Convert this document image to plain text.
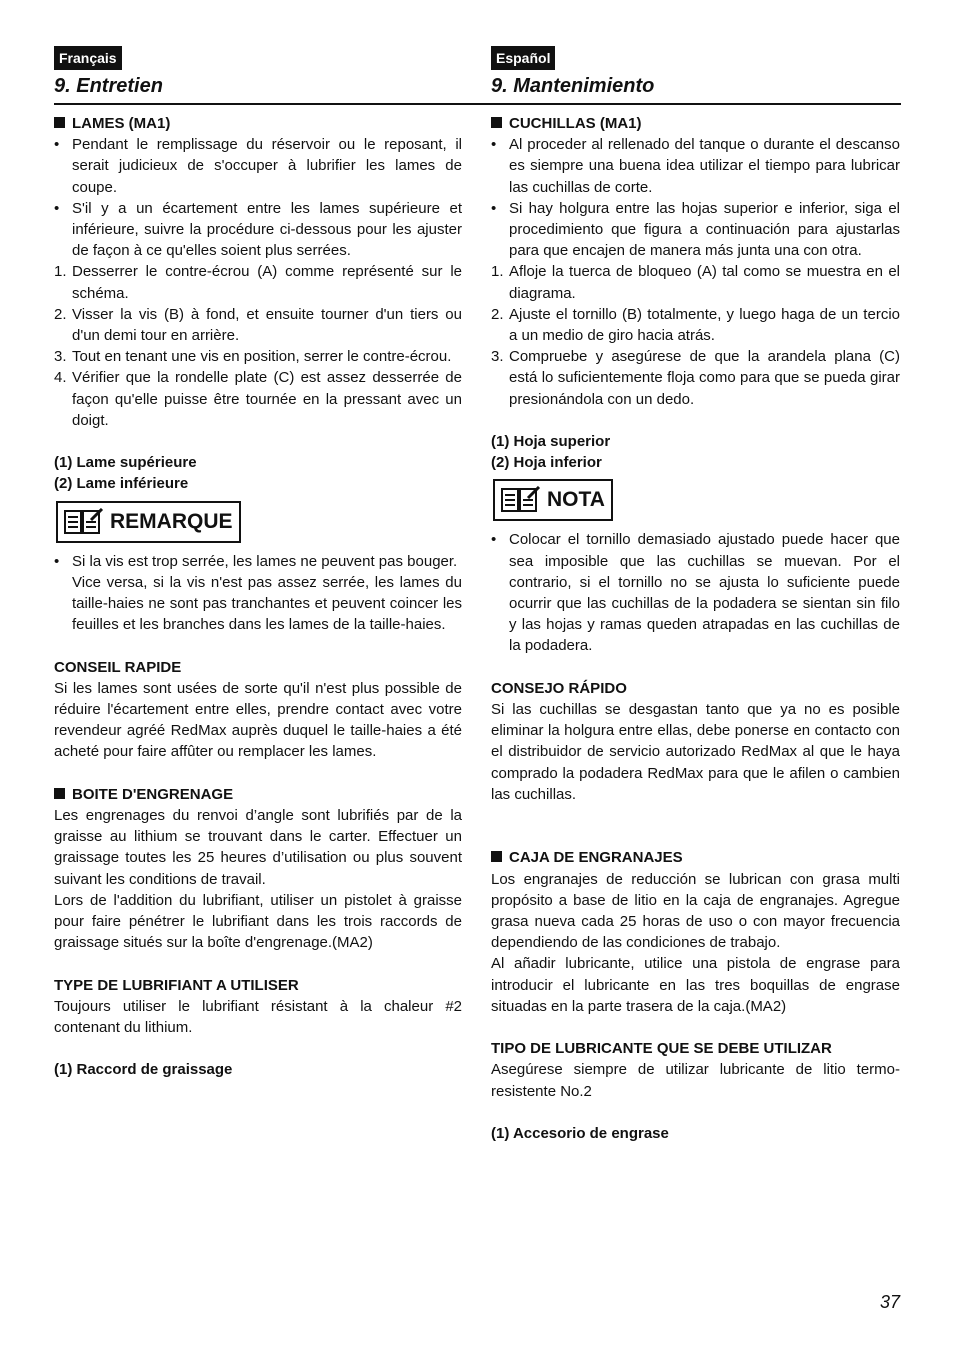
Français
9. Entretien
Español
9. Mantenimiento
LAMES (MA1)
• Pendant le remplissage du réservoir ou le reposant, il serait judicieux de s'occuper à lubrifier les lames de coupe.
• S'il y a un écartement entre les lames supérieure et inférieure, suivre la procédure ci-dessous pour les ajuster de façon à ce qu'elles soient plus serrées.
1. Desserrer le contre-écrou (A) comme représenté sur le schéma.
2. Visser la vis (B) à fond, et ensuite tourner d'un tiers ou d'un demi tour en arrière.
3. Tout en tenant une vis en position, serrer le contre-écrou.
4. Vérifier que la rondelle plate (C) est assez desserrée de façon qu'elle puisse être tournée en la pressant avec un doigt.
(1) Lame supérieure
(2) Lame inférieure
REMARQUE
• Si la vis est trop serrée, les lames ne peuvent pas bouger.
Vice versa, si la vis n'est pas assez serrée, les lames du taille-haies ne sont pas tranchantes et peuvent coincer les feuilles et les branches dans les lames de la taille-haies.
CONSEIL RAPIDE
Si les lames sont usées de sorte qu'il n'est plus possible de réduire l'écartement entre elles, prendre contact avec votre revendeur agréé RedMax auprès duquel le taille-haies a été acheté pour faire affûter ou remplacer les lames.
BOITE D'ENGRENAGE
Les engrenages du renvoi d’angle sont lubrifiés par de la graisse au lithium se trouvant dans le carter. Effectuer un graissage toutes les 25 heures d’utilisation ou plus souvent suivant les conditions de travail.
Lors de l'addition du lubrifiant, utiliser un pistolet à graisse pour faire pénétrer le lubrifiant dans les trois raccords de graissage situés sur la boîte d'engrenage.(MA2)
TYPE DE LUBRIFIANT A UTILISER
Toujours utiliser le lubrifiant résistant à la chaleur #2 contenant du lithium.
(1) Raccord de graissage
CUCHILLAS (MA1)
• Al proceder al rellenado del tanque o durante el descanso es siempre una buena idea utilizar el tiempo para lubricar las cuchillas de corte.
• Si hay holgura entre las hojas superior e inferior, siga el procedimiento que figura a continuación para ajustarlas para que encajen de manera más junta una con otra.
1. Afloje la tuerca de bloqueo (A) tal como se muestra en el diagrama.
2. Ajuste el tornillo (B) totalmente, y luego haga de un tercio a un medio de giro hacia atrás.
3. Compruebe y asegúrese de que la arandela plana (C) está lo suficientemente floja como para que se pueda girar presionándola con un dedo.
(1) Hoja superior
(2) Hoja inferior
NOTA
• Colocar el tornillo demasiado ajustado puede hacer que sea imposible que las cuchillas se muevan. Por el contrario, si el tornillo no se ajusta lo suficiente puede ocurrir que las cuchillas de la podadera se sientan sin filo y las hojas y ramas queden atrapadas en las cuchillas de la podadera.
CONSEJO RÁPIDO
Si las cuchillas se desgastan tanto que ya no es posible eliminar la holgura entre ellas, debe ponerse en contacto con el distribuidor de servicio autorizado RedMax al que le haya comprado la podadera RedMax para que le afilen o cambien las cuchillas.
CAJA DE ENGRANAJES
Los engranajes de reducción se lubrican con grasa multi propósito a base de litio en la caja de engranajes. Agregue grasa nueva cada 25 horas de uso o con mayor frecuencia dependiendo de las condiciones de trabajo.
Al añadir lubricante, utilice una pistola de engrase para introducir el lubricante en las tres boquillas de engrase situadas en la parte trasera de la caja.(MA2)
TIPO DE LUBRICANTE QUE SE DEBE UTILIZAR
Asegúrese siempre de utilizar lubricante de litio termo-resistente No.2
(1) Accesorio de engrase
37
